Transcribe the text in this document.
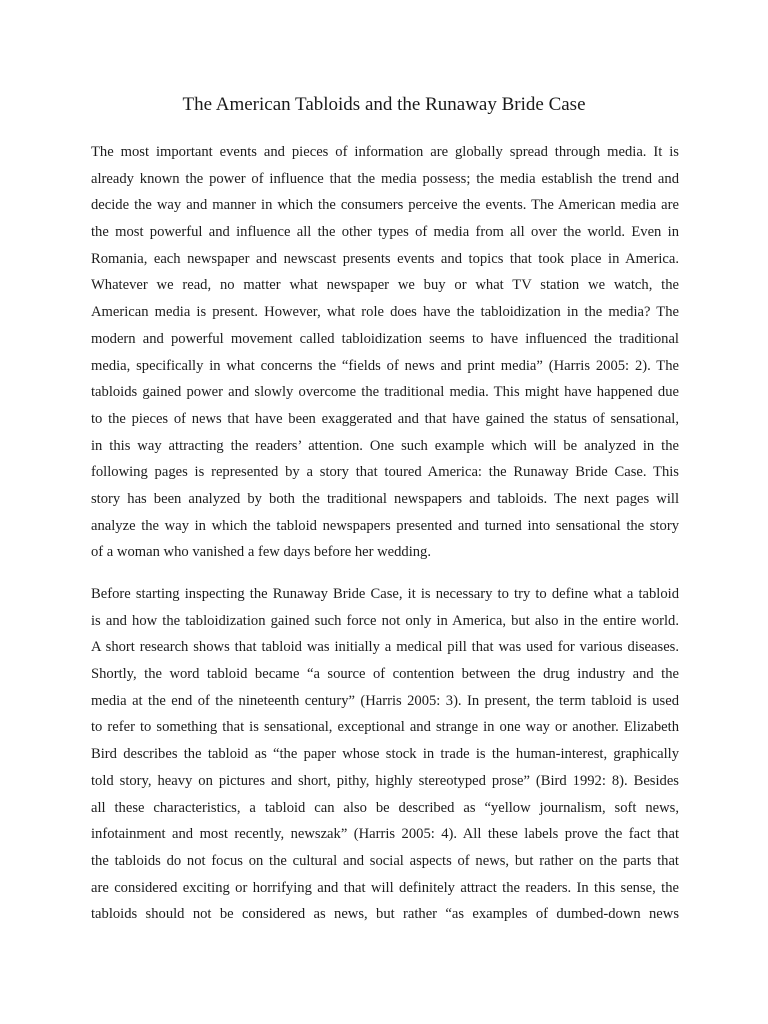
The American Tabloids and the Runaway Bride Case
The most important events and pieces of information are globally spread through media. It is
already known the power of influence that the media possess; the media establish the trend and
decide the way and manner in which the consumers perceive the events. The American media are
the most powerful and influence all the other types of media from all over the world. Even in
Romania, each newspaper and newscast presents events and topics that took place in America.
Whatever we read, no matter what newspaper we buy or what TV station we watch, the
American media is present. However, what role does have the tabloidization in the media? The
modern and powerful movement called tabloidization seems to have influenced the traditional
media, specifically in what concerns the “fields of news and print media” (Harris 2005: 2). The
tabloids gained power and slowly overcome the traditional media. This might have happened due
to the pieces of news that have been exaggerated and that have gained the status of sensational,
in this way attracting the readers’ attention. One such example which will be analyzed in the
following pages is represented by a story that toured America: the Runaway Bride Case. This
story has been analyzed by both the traditional newspapers and tabloids. The next pages will
analyze the way in which the tabloid newspapers presented and turned into sensational the story
of a woman who vanished a few days before her wedding.
Before starting inspecting the Runaway Bride Case, it is necessary to try to define what a tabloid
is and how the tabloidization gained such force not only in America, but also in the entire world.
A short research shows that tabloid was initially a medical pill that was used for various diseases.
Shortly, the word tabloid became “a source of contention between the drug industry and the
media at the end of the nineteenth century” (Harris 2005: 3). In present, the term tabloid is used
to refer to something that is sensational, exceptional and strange in one way or another. Elizabeth
Bird describes the tabloid as “the paper whose stock in trade is the human-interest, graphically
told story, heavy on pictures and short, pithy, highly stereotyped prose” (Bird 1992: 8). Besides
all these characteristics, a tabloid can also be described as “yellow journalism, soft news,
infotainment and most recently, newszak” (Harris 2005: 4). All these labels prove the fact that
the tabloids do not focus on the cultural and social aspects of news, but rather on the parts that
are considered exciting or horrifying and that will definitely attract the readers. In this sense, the
tabloids should not be considered as news, but rather “as examples of dumbed-down news
